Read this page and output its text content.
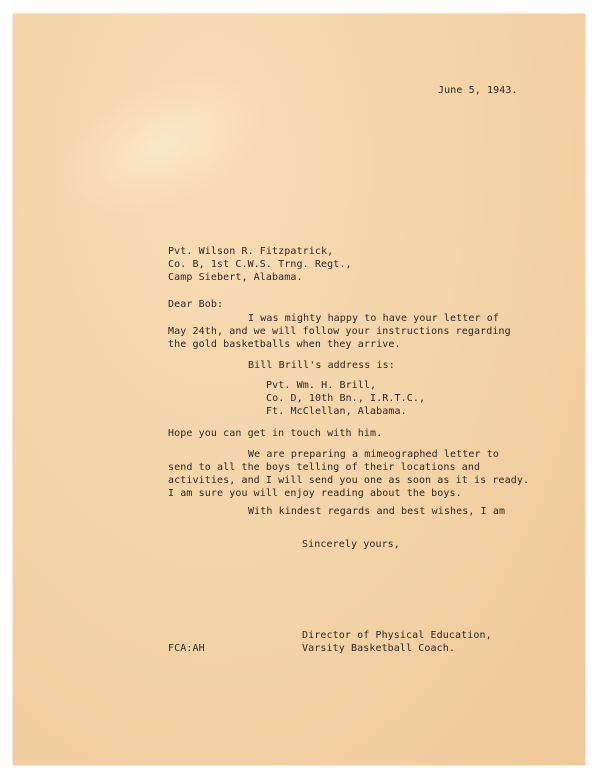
June 5, 1943.
Pvt. Wilson R. Fitzpatrick,
Co. B, 1st C.W.S. Trng. Regt.,
Camp Siebert, Alabama.
Dear Bob:
I was mighty happy to have your letter of
May 24th, and we will follow your instructions regarding
the gold basketballs when they arrive.
Bill Brill's address is:
Pvt. Wm. H. Brill,
Co. D, 10th Bn., I.R.T.C.,
Ft. McClellan, Alabama.
Hope you can get in touch with him.
We are preparing a mimeographed letter to
send to all the boys telling of their locations and
activities, and I will send you one as soon as it is ready.
I am sure you will enjoy reading about the boys.
With kindest regards and best wishes, I am
Sincerely yours,
Director of Physical Education,
Varsity Basketball Coach.
FCA:AH
